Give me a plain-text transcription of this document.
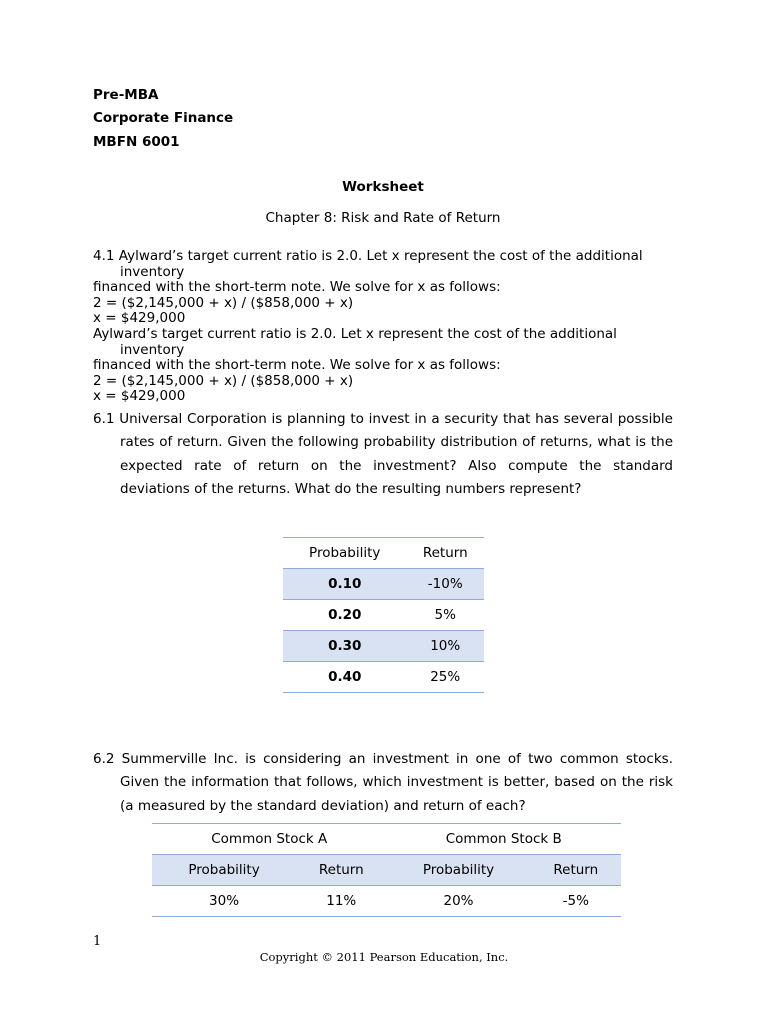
Pre-MBA
Corporate Finance
MBFN 6001
Worksheet
Chapter 8: Risk and Rate of Return
4.1 Aylward’s target current ratio is 2.0. Let x represent the cost of the additional
inventory
financed with the short-term note. We solve for x as follows:
2 = ($2,145,000 + x) / ($858,000 + x)
x = $429,000
Aylward’s target current ratio is 2.0. Let x represent the cost of the additional
inventory
financed with the short-term note. We solve for x as follows:
2 = ($2,145,000 + x) / ($858,000 + x)
x = $429,000
6.1 Universal Corporation is planning to invest in a security that has several possible rates of return. Given the following probability distribution of returns, what is the expected rate of return on the investment? Also compute the standard deviations of the returns. What do the resulting numbers represent?
Probability	Return
0.10	-10%
0.20	5%
0.30	10%
0.40	25%
6.2 Summerville Inc. is considering an investment in one of two common stocks. Given the information that follows, which investment is better, based on the risk (a measured by the standard deviation) and return of each?
Common Stock A		Common Stock B	
Probability	Return	Probability	Return
30%	11%	20%	-5%
1
Copyright © 2011 Pearson Education, Inc.
